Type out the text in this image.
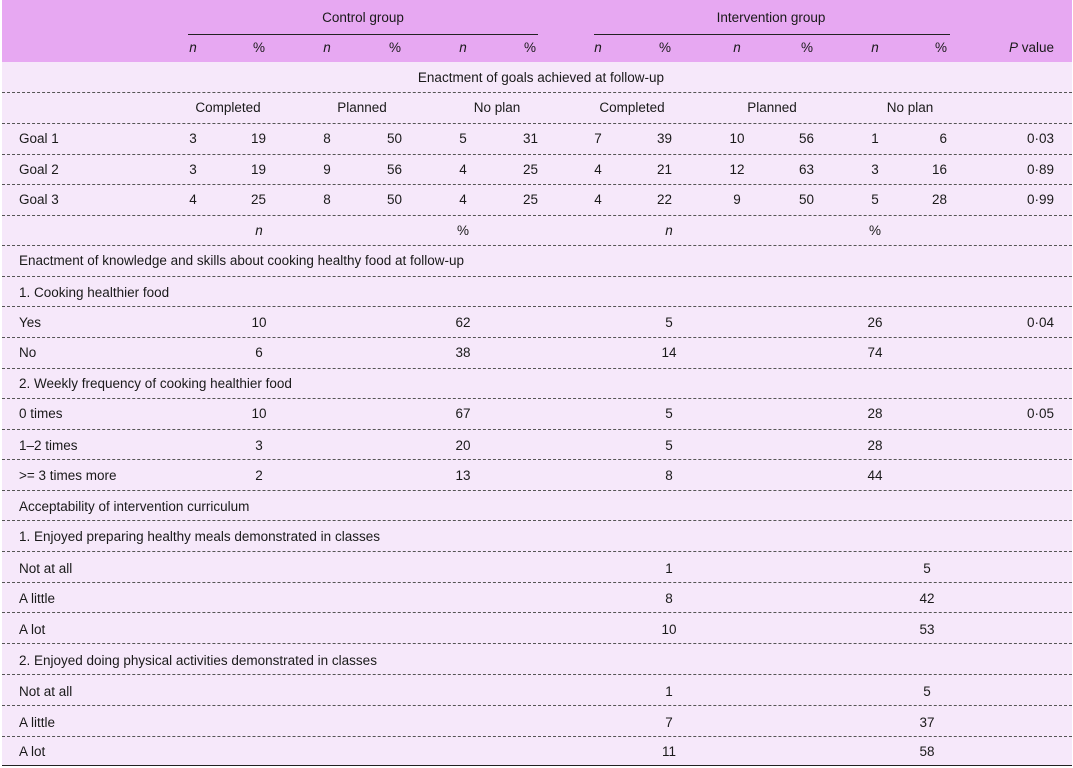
Control group	Intervention group
n	%	n	%	n	%	n	%	n	%	n	%	P value
Enactment of goals achieved at follow-up
Completed	Planned	No plan	Completed	Planned	No plan
Goal 1	3	19	8	50	5	31	7	39	10	56	1	6	0·03
Goal 2	3	19	9	56	4	25	4	21	12	63	3	16	0·89
Goal 3	4	25	8	50	4	25	4	22	9	50	5	28	0·99
n	%	n	%
Enactment of knowledge and skills about cooking healthy food at follow-up
1. Cooking healthier food
Yes	10	62	5	26	0·04
No	6	38	14	74
2. Weekly frequency of cooking healthier food
0 times	10	67	5	28	0·05
1–2 times	3	20	5	28
>= 3 times more	2	13	8	44
Acceptability of intervention curriculum
1. Enjoyed preparing healthy meals demonstrated in classes
Not at all	1	5
A little	8	42
A lot	10	53
2. Enjoyed doing physical activities demonstrated in classes
Not at all	1	5
A little	7	37
A lot	11	58
